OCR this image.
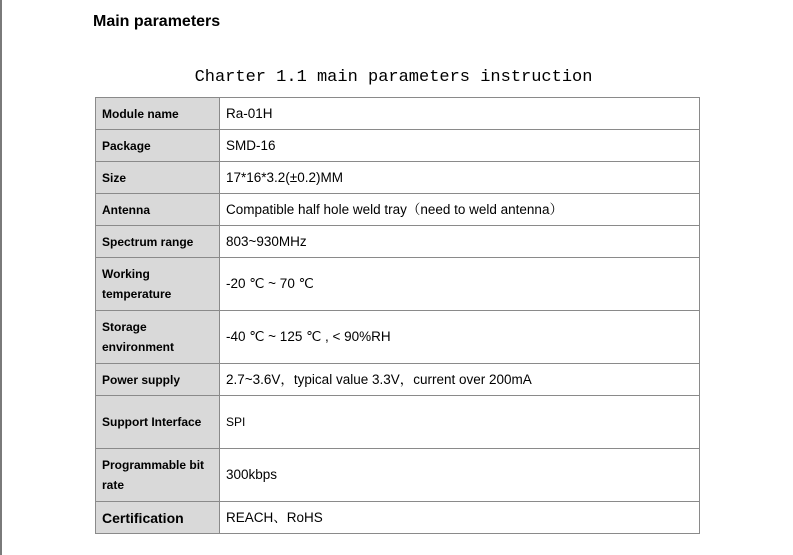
Main parameters
Charter 1.1 main parameters instruction
Module name	Ra-01H
Package	SMD-16
Size	17*16*3.2(±0.2)MM
Antenna	Compatible half hole weld tray（need to weld antenna）
Spectrum range	803~930MHz
Working temperature	-20 ℃ ~ 70 ℃
Storage environment	-40 ℃ ~ 125 ℃ , < 90%RH
Power supply	2.7~3.6V，typical value 3.3V，current over 200mA
Support Interface	SPI
Programmable bit rate	300kbps
Certification	REACH、RoHS
